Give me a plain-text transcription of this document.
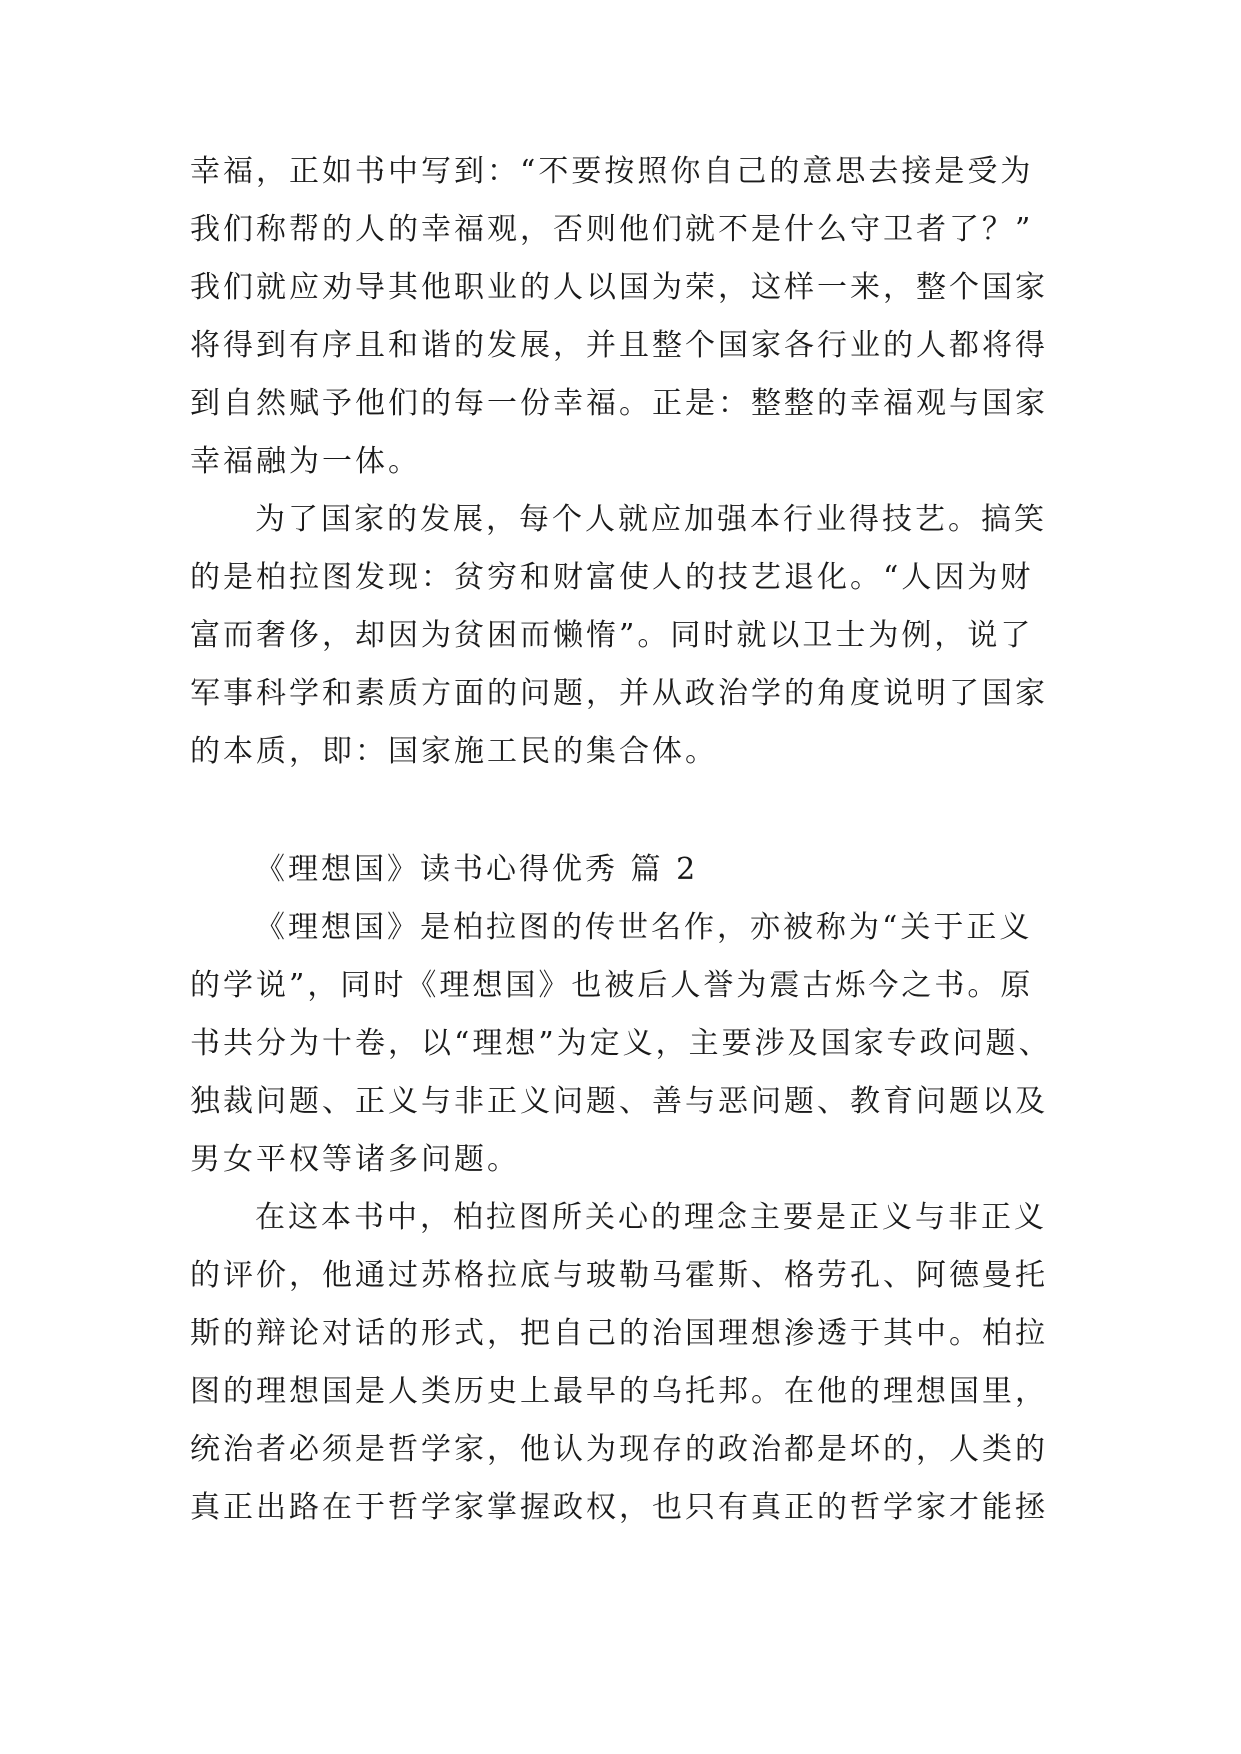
幸福，正如书中写到：“不要按照你自己的意思去接是受为
我们称帮的人的幸福观，否则他们就不是什么守卫者了？”
我们就应劝导其他职业的人以国为荣，这样一来，整个国家
将得到有序且和谐的发展，并且整个国家各行业的人都将得
到自然赋予他们的每一份幸福。正是：整整的幸福观与国家
幸福融为一体。
为了国家的发展，每个人就应加强本行业得技艺。搞笑
的是柏拉图发现：贫穷和财富使人的技艺退化。“人因为财
富而奢侈，却因为贫困而懒惰”。同时就以卫士为例，说了
军事科学和素质方面的问题，并从政治学的角度说明了国家
的本质，即：国家施工民的集合体。
《理想国》读书心得优秀 篇 2
《理想国》是柏拉图的传世名作，亦被称为“关于正义
的学说”，同时《理想国》也被后人誉为震古烁今之书。原
书共分为十卷，以“理想”为定义，主要涉及国家专政问题、
独裁问题、正义与非正义问题、善与恶问题、教育问题以及
男女平权等诸多问题。
在这本书中，柏拉图所关心的理念主要是正义与非正义
的评价，他通过苏格拉底与玻勒马霍斯、格劳孔、阿德曼托
斯的辩论对话的形式，把自己的治国理想渗透于其中。柏拉
图的理想国是人类历史上最早的乌托邦。在他的理想国里，
统治者必须是哲学家，他认为现存的政治都是坏的，人类的
真正出路在于哲学家掌握政权，也只有真正的哲学家才能拯
